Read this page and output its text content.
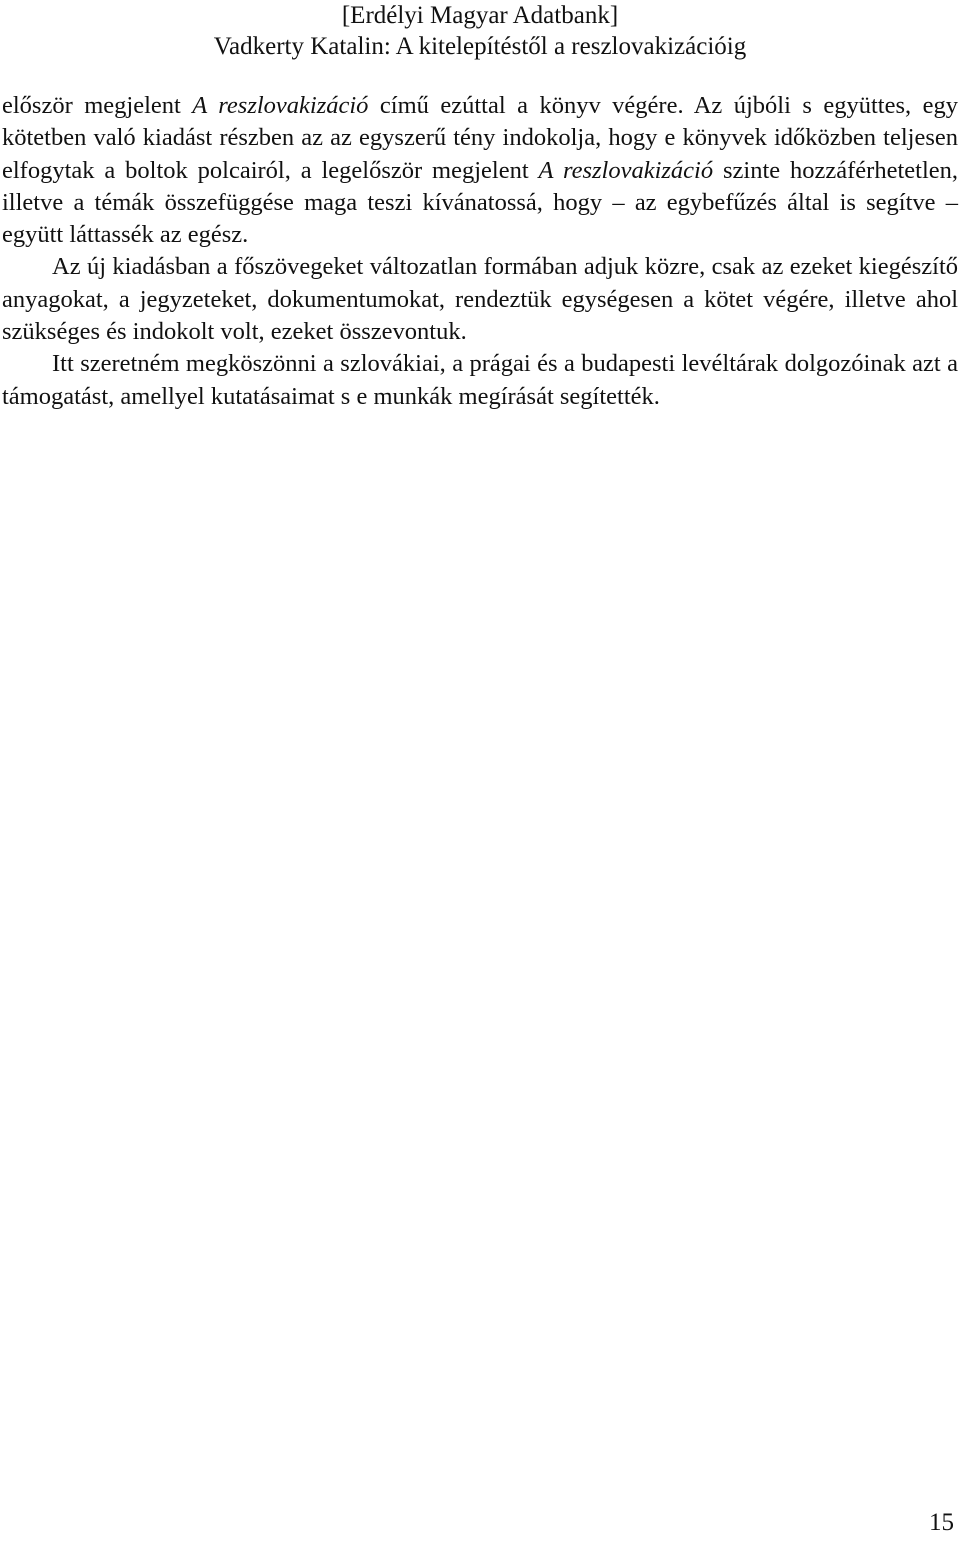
[Erdélyi Magyar Adatbank]
Vadkerty Katalin: A kitelepítéstől a reszlovakizációig

először megjelent A reszlovakizáció című ezúttal a könyv végére. Az újbóli s együttes, egy kötetben való kiadást részben az az egyszerű tény indokolja, hogy e könyvek időközben teljesen elfogytak a boltok polcairól, a legelőször megjelent A reszlovakizáció szinte hozzáférhetetlen, illetve a témák összefüggése maga teszi kívánatossá, hogy – az egybefűzés által is segítve – együtt láttassék az egész.

Az új kiadásban a főszövegeket változatlan formában adjuk közre, csak az ezeket kiegészítő anyagokat, a jegyzeteket, dokumentumokat, rendeztük egységesen a kötet végére, illetve ahol szükséges és indokolt volt, ezeket összevontuk.

Itt szeretném megköszönni a szlovákiai, a prágai és a budapesti levéltárak dolgozóinak azt a támogatást, amellyel kutatásaimat s e munkák megírását segítették.

15
